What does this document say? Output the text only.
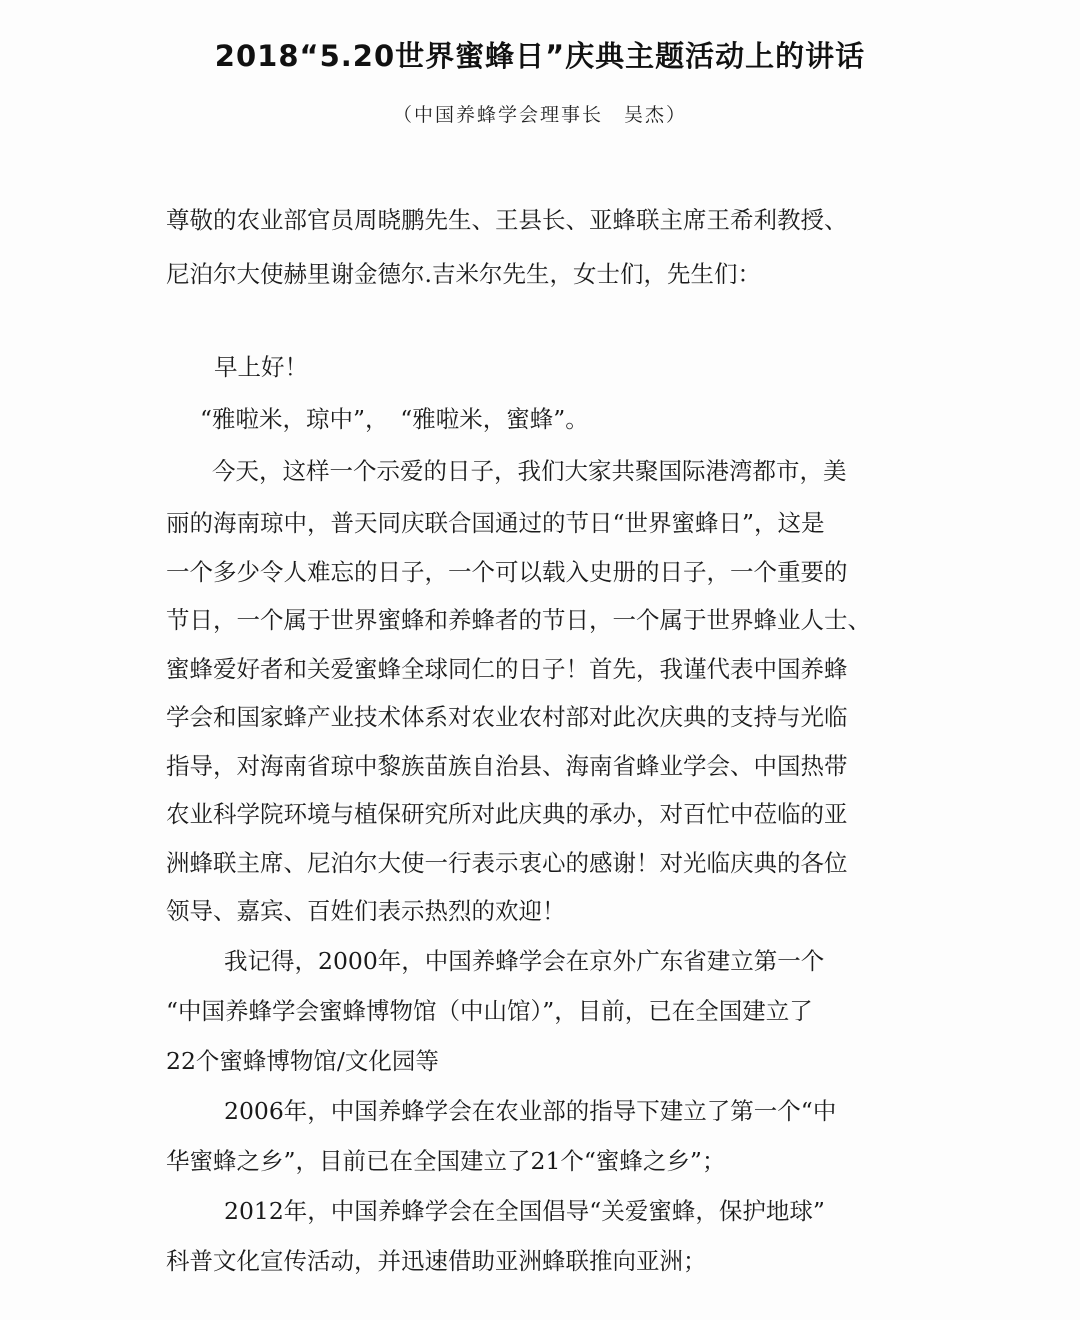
2018“5.20世界蜜蜂日”庆典主题活动上的讲话
（中国养蜂学会理事长　吴杰）
尊敬的农业部官员周晓鹏先生、王县长、亚蜂联主席王希利教授、
尼泊尔大使赫里谢金德尔.吉米尔先生，女士们，先生们：
早上好！
“雅啦米，琼中”，　“雅啦米，蜜蜂”。
今天，这样一个示爱的日子，我们大家共聚国际港湾都市，美
丽的海南琼中，普天同庆联合国通过的节日“世界蜜蜂日”，这是
一个多少令人难忘的日子，一个可以载入史册的日子，一个重要的
节日，一个属于世界蜜蜂和养蜂者的节日，一个属于世界蜂业人士、
蜜蜂爱好者和关爱蜜蜂全球同仁的日子！首先，我谨代表中国养蜂
学会和国家蜂产业技术体系对农业农村部对此次庆典的支持与光临
指导，对海南省琼中黎族苗族自治县、海南省蜂业学会、中国热带
农业科学院环境与植保研究所对此庆典的承办，对百忙中莅临的亚
洲蜂联主席、尼泊尔大使一行表示衷心的感谢！对光临庆典的各位
领导、嘉宾、百姓们表示热烈的欢迎！
我记得，2000年，中国养蜂学会在京外广东省建立第一个
“中国养蜂学会蜜蜂博物馆（中山馆）”，目前，已在全国建立了
22个蜜蜂博物馆/文化园等
2006年，中国养蜂学会在农业部的指导下建立了第一个“中
华蜜蜂之乡”，目前已在全国建立了21个“蜜蜂之乡”；
2012年，中国养蜂学会在全国倡导“关爱蜜蜂，保护地球”
科普文化宣传活动，并迅速借助亚洲蜂联推向亚洲；
